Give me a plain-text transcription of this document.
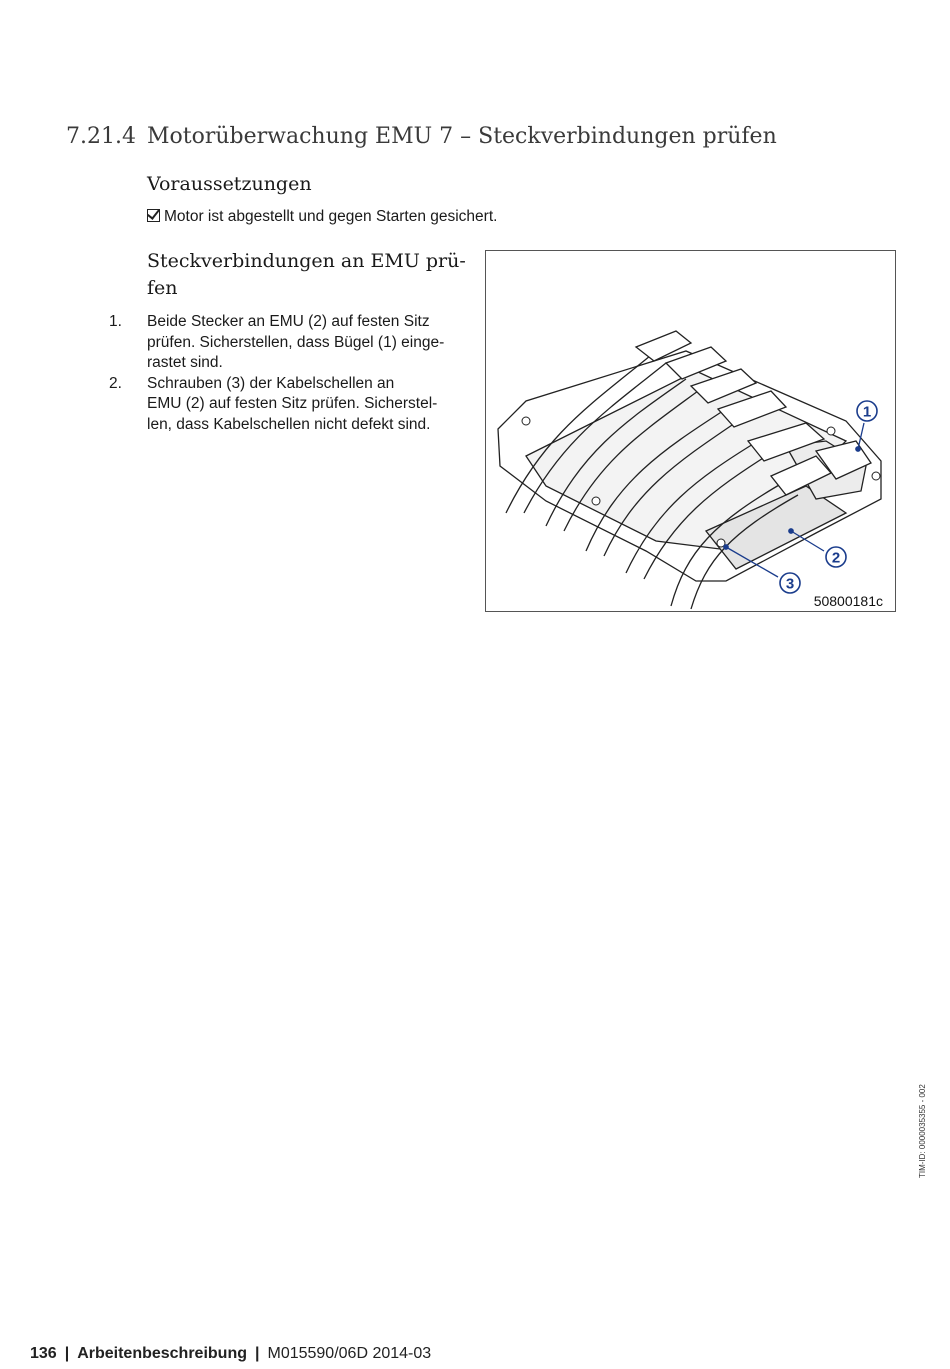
7.21.4 Motorüberwachung EMU 7 – Steckverbindungen prüfen
Voraussetzungen
Motor ist abgestellt und gegen Starten gesichert.
Steckverbindungen an EMU prü-
fen
1. Beide Stecker an EMU (2) auf festen Sitz
prüfen. Sicherstellen, dass Bügel (1) einge-
rastet sind.
2. Schrauben (3) der Kabelschellen an
EMU (2) auf festen Sitz prüfen. Sicherstel-
len, dass Kabelschellen nicht defekt sind.
1
2
3
50800181c
TIM-ID: 0000035355 - 002
136 | Arbeitenbeschreibung | M015590/06D 2014-03
